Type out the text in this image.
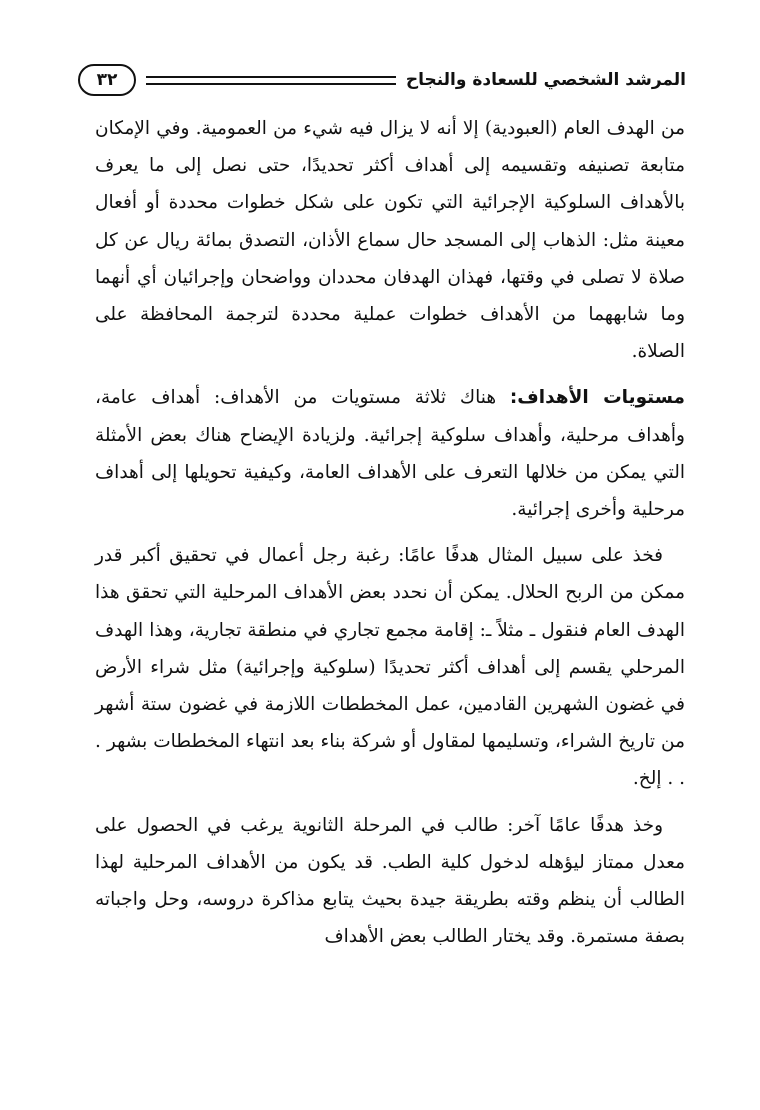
٣٢	المرشد الشخصي للسعادة والنجاح

من الهدف العام (العبودية) إلا أنه لا يزال فيه شيء من العمومية. وفي الإمكان متابعة تصنيفه وتقسيمه إلى أهداف أكثر تحديدًا، حتى نصل إلى ما يعرف بالأهداف السلوكية الإجرائية التي تكون على شكل خطوات محددة أو أفعال معينة مثل: الذهاب إلى المسجد حال سماع الأذان، التصدق بمائة ريال عن كل صلاة لا تصلى في وقتها، فهذان الهدفان محددان وواضحان وإجرائيان أي أنهما وما شابههما من الأهداف خطوات عملية محددة لترجمة المحافظة على الصلاة.

مستويات الأهداف: هناك ثلاثة مستويات من الأهداف: أهداف عامة، وأهداف مرحلية، وأهداف سلوكية إجرائية. ولزيادة الإيضاح هناك بعض الأمثلة التي يمكن من خلالها التعرف على الأهداف العامة، وكيفية تحويلها إلى أهداف مرحلية وأخرى إجرائية.

فخذ على سبيل المثال هدفًا عامًا: رغبة رجل أعمال في تحقيق أكبر قدر ممكن من الربح الحلال. يمكن أن نحدد بعض الأهداف المرحلية التي تحقق هذا الهدف العام فنقول ـ مثلاً ـ: إقامة مجمع تجاري في منطقة تجارية، وهذا الهدف المرحلي يقسم إلى أهداف أكثر تحديدًا (سلوكية وإجرائية) مثل شراء الأرض في غضون الشهرين القادمين، عمل المخططات اللازمة في غضون ستة أشهر من تاريخ الشراء، وتسليمها لمقاول أو شركة بناء بعد انتهاء المخططات بشهر . . . إلخ.

وخذ هدفًا عامًا آخر: طالب في المرحلة الثانوية يرغب في الحصول على معدل ممتاز ليؤهله لدخول كلية الطب. قد يكون من الأهداف المرحلية لهذا الطالب أن ينظم وقته بطريقة جيدة بحيث يتابع مذاكرة دروسه، وحل واجباته بصفة مستمرة. وقد يختار الطالب بعض الأهداف
